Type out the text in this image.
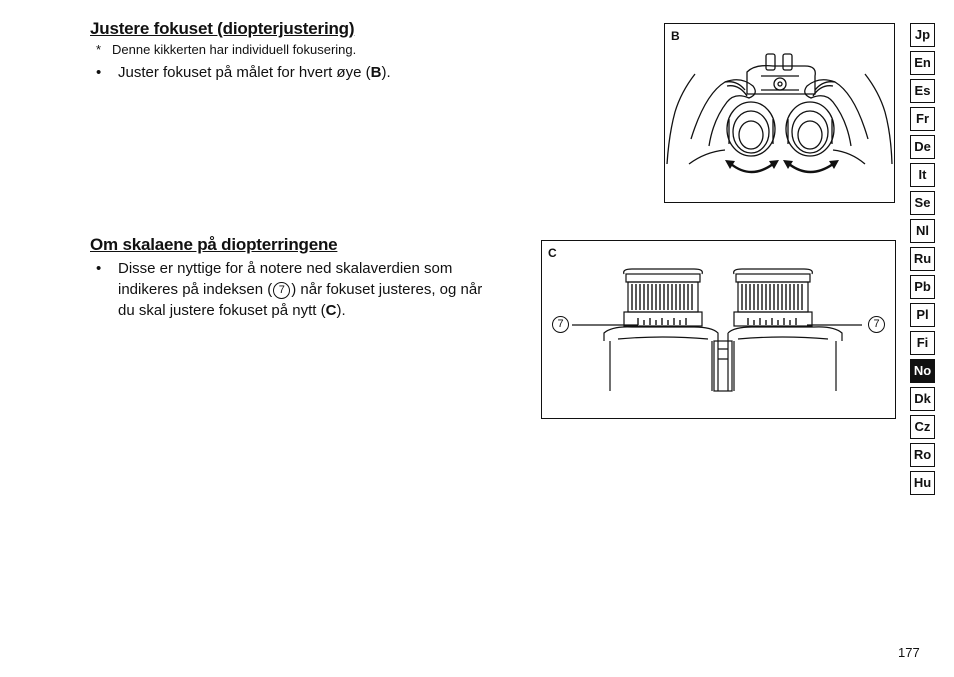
Justere fokuset (diopterjustering)
* Denne kikkerten har individuell fokusering.
• Juster fokuset på målet for hvert øye (B).
B
Om skalaene på diopterringene
• Disse er nyttige for å notere ned skalaverdien som
indikeres på indeksen ( 7 ) når fokuset justeres, og når
du skal justere fokuset på nytt (C).
C
7	7
Jp
En
Es
Fr
De
It
Se
Nl
Ru
Pb
Pl
Fi
No
Dk
Cz
Ro
Hu
177
